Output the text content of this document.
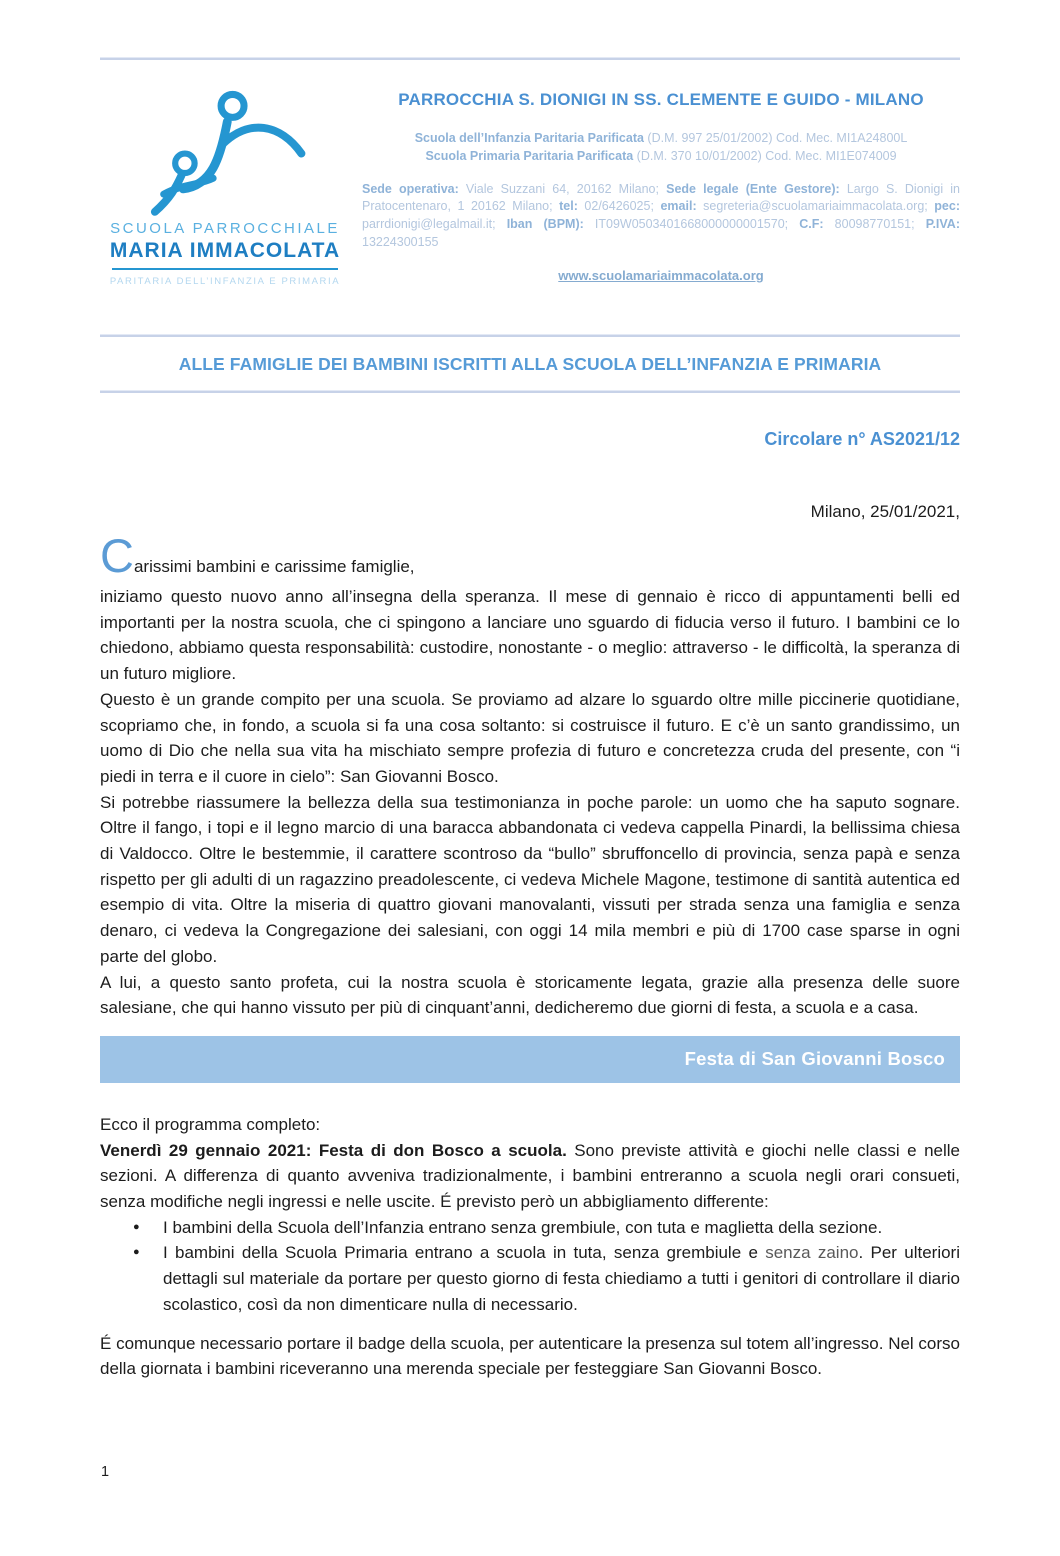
SCUOLA PARROCCHIALE
MARIA IMMACOLATA
PARITARIA DELL’INFANZIA E PRIMARIA
PARROCCHIA S. DIONIGI IN SS. CLEMENTE E GUIDO - MILANO
Scuola dell’Infanzia Paritaria Parificata (D.M. 997 25/01/2002) Cod. Mec. MI1A24800L
Scuola Primaria Paritaria Parificata (D.M. 370 10/01/2002) Cod. Mec. MI1E074009
Sede operativa: Viale Suzzani 64, 20162 Milano; Sede legale (Ente Gestore): Largo S. Dionigi in Pratocentenaro, 1 20162 Milano; tel: 02/6426025; email: segreteria@scuolamariaimmacolata.org; pec: parrdionigi@legalmail.it; Iban (BPM): IT09W0503401668000000001570; C.F: 80098770151; P.IVA: 13224300155
www.scuolamariaimmacolata.org
ALLE FAMIGLIE DEI BAMBINI ISCRITTI ALLA SCUOLA DELL’INFANZIA E PRIMARIA
Circolare n° AS2021/12
Milano, 25/01/2021,
Carissimi bambini e carissime famiglie,

iniziamo questo nuovo anno all’insegna della speranza. Il mese di gennaio è ricco di appuntamenti belli ed importanti per la nostra scuola, che ci spingono a lanciare uno sguardo di fiducia verso il futuro. I bambini ce lo chiedono, abbiamo questa responsabilità: custodire, nonostante - o meglio: attraverso - le difficoltà, la speranza di un futuro migliore.

Questo è un grande compito per una scuola. Se proviamo ad alzare lo sguardo oltre mille piccinerie quotidiane, scopriamo che, in fondo, a scuola si fa una cosa soltanto: si costruisce il futuro. E c’è un santo grandissimo, un uomo di Dio che nella sua vita ha mischiato sempre profezia di futuro e concretezza cruda del presente, con “i piedi in terra e il cuore in cielo”: San Giovanni Bosco.

Si potrebbe riassumere la bellezza della sua testimonianza in poche parole: un uomo che ha saputo sognare. Oltre il fango, i topi e il legno marcio di una baracca abbandonata ci vedeva cappella Pinardi, la bellissima chiesa di Valdocco. Oltre le bestemmie, il carattere scontroso da “bullo” sbruffoncello di provincia, senza papà e senza rispetto per gli adulti di un ragazzino preadolescente, ci vedeva Michele Magone, testimone di santità autentica ed esempio di vita. Oltre la miseria di quattro giovani manovalanti, vissuti per strada senza una famiglia e senza denaro, ci vedeva la Congregazione dei salesiani, con oggi 14 mila membri e più di 1700 case sparse in ogni parte del globo.

A lui, a questo santo profeta, cui la nostra scuola è storicamente legata, grazie alla presenza delle suore salesiane, che qui hanno vissuto per più di cinquant’anni, dedicheremo due giorni di festa, a scuola e a casa.

Festa di San Giovanni Bosco

Ecco il programma completo:

Venerdì 29 gennaio 2021: Festa di don Bosco a scuola. Sono previste attività e giochi nelle classi e nelle sezioni. A differenza di quanto avveniva tradizionalmente, i bambini entreranno a scuola negli orari consueti, senza modifiche negli ingressi e nelle uscite. É previsto però un abbigliamento differente:

●	I bambini della Scuola dell’Infanzia entrano senza grembiule, con tuta e maglietta della sezione.
●	I bambini della Scuola Primaria entrano a scuola in tuta, senza grembiule e senza zaino. Per ulteriori dettagli sul materiale da portare per questo giorno di festa chiediamo a tutti i genitori di controllare il diario scolastico, così da non dimenticare nulla di necessario.

É comunque necessario portare il badge della scuola, per autenticare la presenza sul totem all’ingresso. Nel corso della giornata i bambini riceveranno una merenda speciale per festeggiare San Giovanni Bosco.

1
